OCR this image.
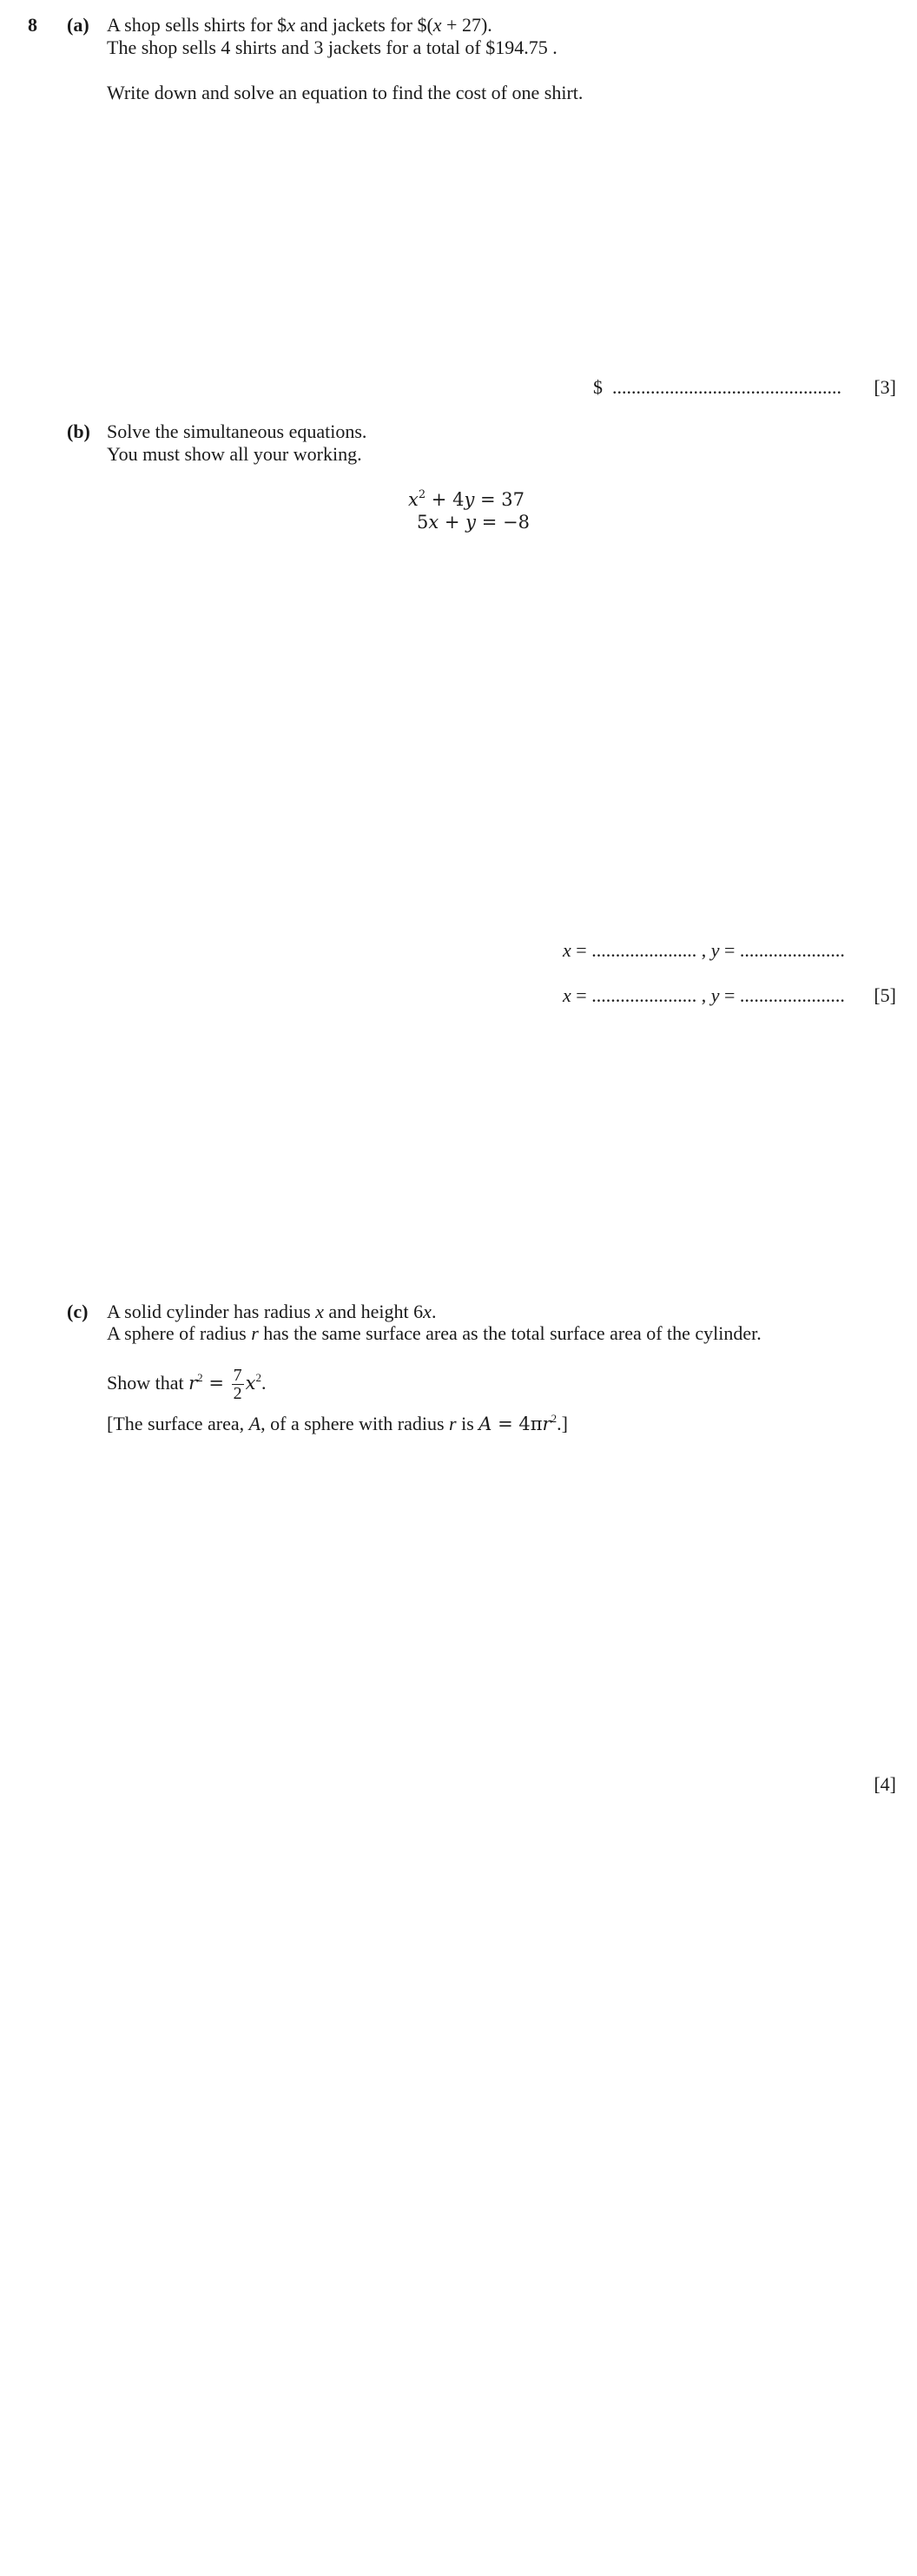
8 (a) A shop sells shirts for $x and jackets for $(x + 27).
The shop sells 4 shirts and 3 jackets for a total of $194.75 .
Write down and solve an equation to find the cost of one shirt.
$ ................................................ [3]
(b) Solve the simultaneous equations.
You must show all your working.
$x^2 + 4y = 37$
5x + y = −8
x = ...................... , y = ......................
x = ...................... , y = ...................... [5]
(c) A solid cylinder has radius x and height 6x.
A sphere of radius r has the same surface area as the total surface area of the cylinder.
Show that $r^2 = \frac{7}{2} x^2$.
[The surface area, A, of a sphere with radius r is $A = 4\pi r^2$.]
[4]
